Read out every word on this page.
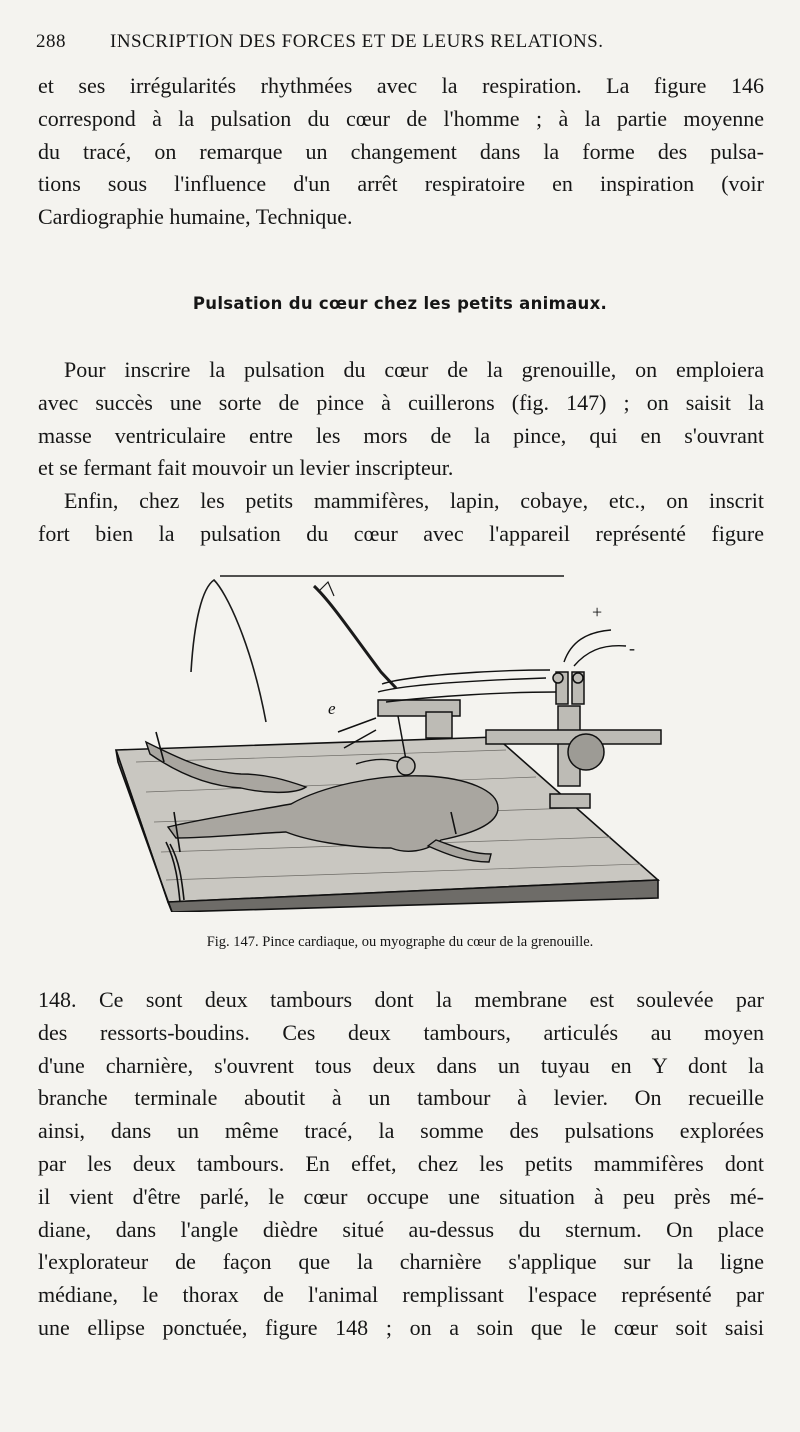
288 INSCRIPTION DES FORCES ET DE LEURS RELATIONS.
et ses irrégularités rhythmées avec la respiration. La figure 146
correspond à la pulsation du cœur de l'homme ; à la partie moyenne
du tracé, on remarque un changement dans la forme des pulsa-
tions sous l'influence d'un arrêt respiratoire en inspiration (voir
Cardiographie humaine, Technique.
Pulsation du cœur chez les petits animaux.
Pour inscrire la pulsation du cœur de la grenouille, on emploiera
avec succès une sorte de pince à cuillerons (fig. 147) ; on saisit la
masse ventriculaire entre les mors de la pince, qui en s'ouvrant
et se fermant fait mouvoir un levier inscripteur.
Enfin, chez les petits mammifères, lapin, cobaye, etc., on inscrit
fort bien la pulsation du cœur avec l'appareil représenté figure
e
+
-
Fig. 147. Pince cardiaque, ou myographe du cœur de la grenouille.
148. Ce sont deux tambours dont la membrane est soulevée par
des ressorts-boudins. Ces deux tambours, articulés au moyen
d'une charnière, s'ouvrent tous deux dans un tuyau en Y dont la
branche terminale aboutit à un tambour à levier. On recueille
ainsi, dans un même tracé, la somme des pulsations explorées
par les deux tambours. En effet, chez les petits mammifères dont
il vient d'être parlé, le cœur occupe une situation à peu près mé-
diane, dans l'angle dièdre situé au-dessus du sternum. On place
l'explorateur de façon que la charnière s'applique sur la ligne
médiane, le thorax de l'animal remplissant l'espace représenté par
une ellipse ponctuée, figure 148 ; on a soin que le cœur soit saisi
